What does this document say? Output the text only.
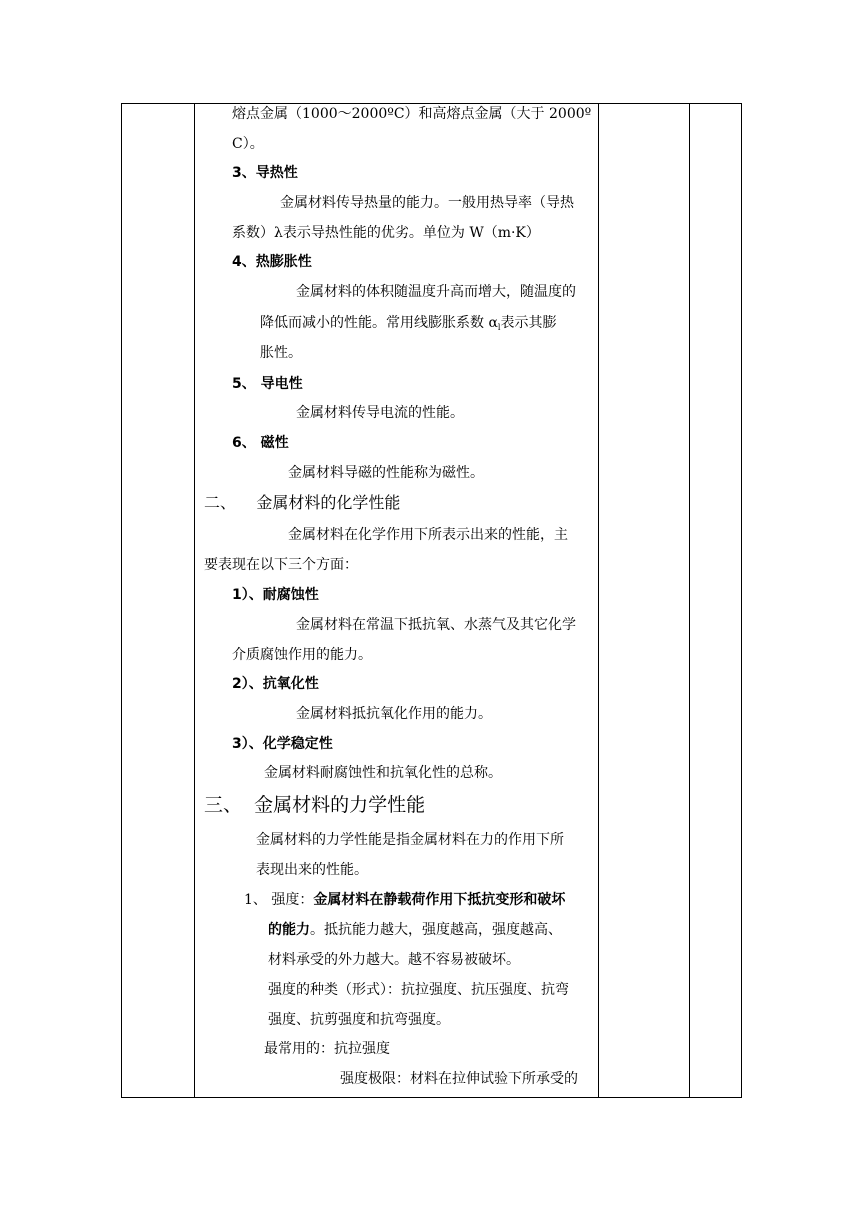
熔点金属（1000～2000ºC）和高熔点金属（大于 2000º
C）。
3、导热性
金属材料传导热量的能力。一般用热导率（导热
系数）λ表示导热性能的优劣。单位为 W（m·K）
4、热膨胀性
金属材料的体积随温度升高而增大，随温度的
降低而减小的性能。常用线膨胀系数 $\alpha_l$表示其膨
胀性。
5、 导电性
金属材料传导电流的性能。
6、 磁性
金属材料导磁的性能称为磁性。
二、    金属材料的化学性能
金属材料在化学作用下所表示出来的性能，主
要表现在以下三个方面：
1）、耐腐蚀性
金属材料在常温下抵抗氧、水蒸气及其它化学
介质腐蚀作用的能力。
2）、抗氧化性
金属材料抵抗氧化作用的能力。
3）、化学稳定性
金属材料耐腐蚀性和抗氧化性的总称。
三、  金属材料的力学性能
金属材料的力学性能是指金属材料在力的作用下所
表现出来的性能。
1、 强度：金属材料在静载荷作用下抵抗变形和破坏
的能力。抵抗能力越大，强度越高，强度越高、
材料承受的外力越大。越不容易被破坏。
强度的种类（形式）：抗拉强度、抗压强度、抗弯
强度、抗剪强度和抗弯强度。
最常用的：抗拉强度
强度极限：材料在拉伸试验下所承受的
